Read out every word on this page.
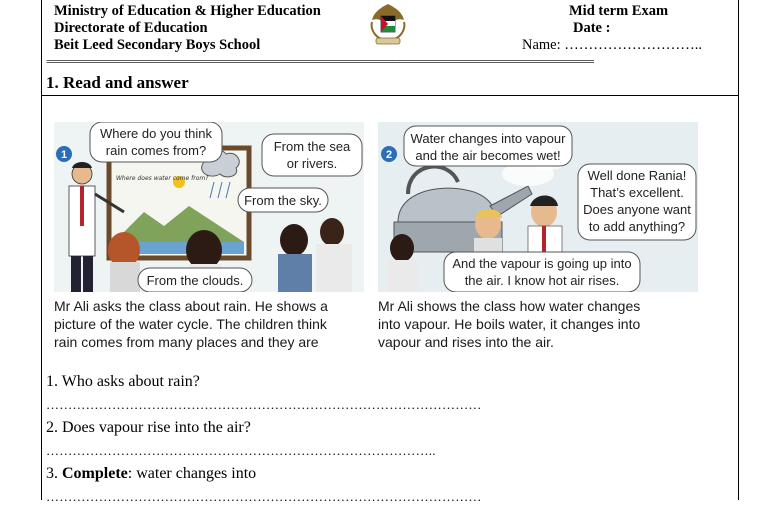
Ministry of Education & Higher Education
Directorate of Education
Beit Leed Secondary Boys School
Mid term Exam
Date :
Name: ………………………..
========================================================================================================================================================
1. Read and answer
1
Where do you think
rain comes from?	From the sea
or rivers.
From the sky.
From the clouds.
Where does water come from?
2
Water changes into vapour
and the air becomes wet!
Well done Rania!
That’s excellent.
Does anyone want
to add anything?
And the vapour is going up into
the air. I know hot air rises.
Mr Ali asks the class about rain. He shows a
picture of the water cycle. The children think
rain comes from many places and they are
Mr Ali shows the class how water changes
into vapour. He boils water, it changes into
vapour and rises into the air.
1. Who asks about rain?
………………………………………………………………………………………
2. Does vapour rise into the air?
……………………………………………………………………………..
3. Complete: water changes into
………………………………………………………………………………………
